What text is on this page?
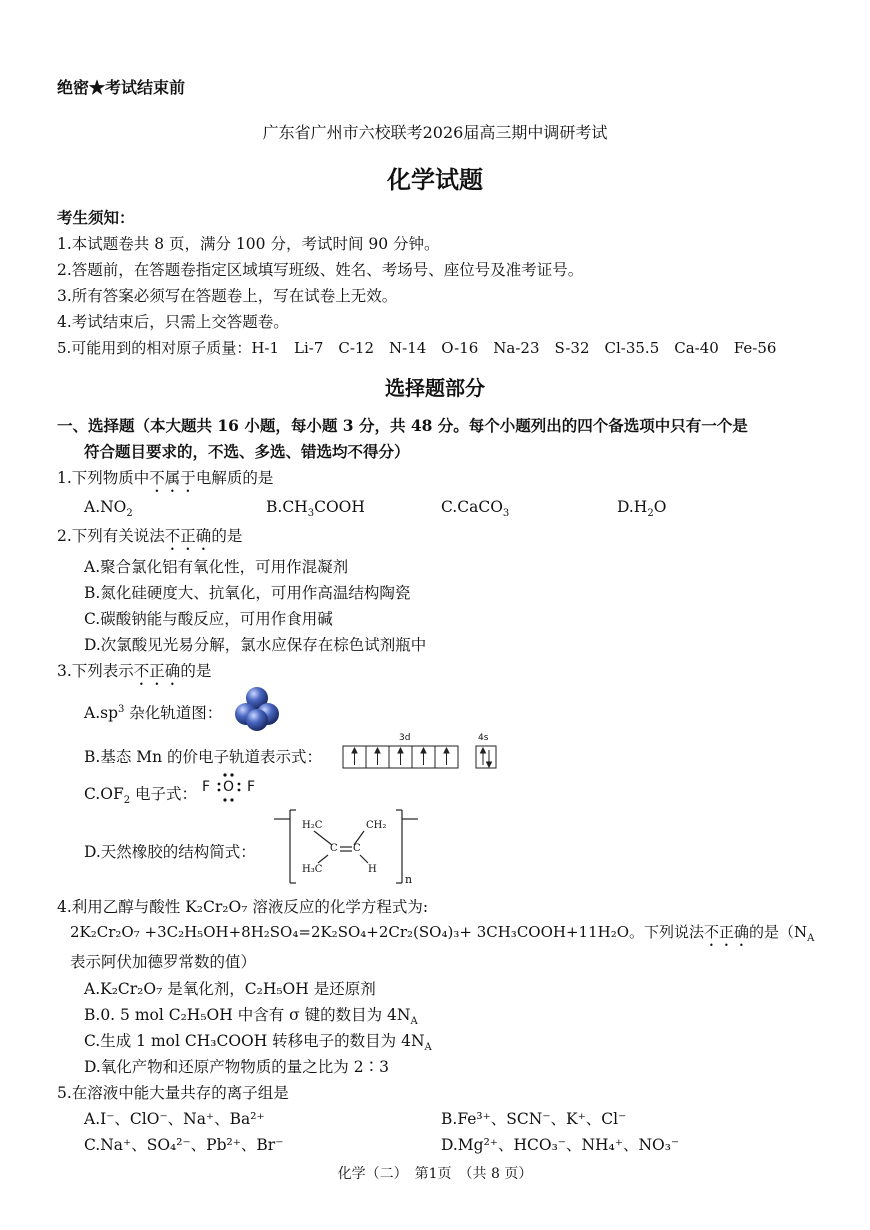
绝密★考试结束前
广东省广州市六校联考2026届高三期中调研考试
化学试题
考生须知：
1.本试题卷共 8 页，满分 100 分，考试时间 90 分钟。
2.答题前，在答题卷指定区域填写班级、姓名、考场号、座位号及准考证号。
3.所有答案必须写在答题卷上，写在试卷上无效。
4.考试结束后，只需上交答题卷。
5.可能用到的相对原子质量：H-1　Li-7　C-12　N-14　O-16　Na-23　S-32　Cl-35.5　Ca-40　Fe-56
选择题部分
一、选择题（本大题共 16 小题，每小题 3 分，共 48 分。每个小题列出的四个备选项中只有一个是
符合题目要求的，不选、多选、错选均不得分）
1.下列物质中不属于电解质的是
$A.NO_2$	$B.CH_3COOH$	C.CaCO$_3$	$D.H_2O$
2.下列有关说法不正确的是
A.聚合氯化铝有氧化性，可用作混凝剂
B.氮化硅硬度大、抗氧化，可用作高温结构陶瓷
C.碳酸钠能与酸反应，可用作食用碱
D.次氯酸见光易分解，氯水应保存在棕色试剂瓶中
3.下列表示不正确的是
$A.sp^3$ 杂化轨道图：
B.基态 Mn 的价电子轨道表示式：
3d	4s
$C.OF_2$ 电子式： F O F
D.天然橡胶的结构简式：
H₂C	CH₂
C C
H₃C	H
n
4.利用乙醇与酸性 K₂Cr₂O₇ 溶液反应的化学方程式为:
2K₂Cr₂O₇ +3C₂H₅OH+8H₂SO₄=2K₂SO₄+2Cr₂(SO₄)₃+ 3CH₃COOH+11H₂O。下列说法不正确的是（$N_A$
表示阿伏加德罗常数的值）
A.K₂Cr₂O₇ 是氧化剂，C₂H₅OH 是还原剂
B.0. 5 mol C₂H₅OH 中含有 σ 键的数目为 $4N_A$
C.生成 1 mol CH₃COOH 转移电子的数目为 $4N_A$
D.氧化产物和还原产物物质的量之比为 2∶3
5.在溶液中能大量共存的离子组是
A.I⁻、ClO⁻、Na⁺、Ba²⁺	B.Fe³⁺、SCN⁻、K⁺、Cl⁻
C.Na⁺、SO₄²⁻、Pb²⁺、Br⁻	D.Mg²⁺、HCO₃⁻、NH₄⁺、NO₃⁻
化学（二）　第1页　（共 8 页）
